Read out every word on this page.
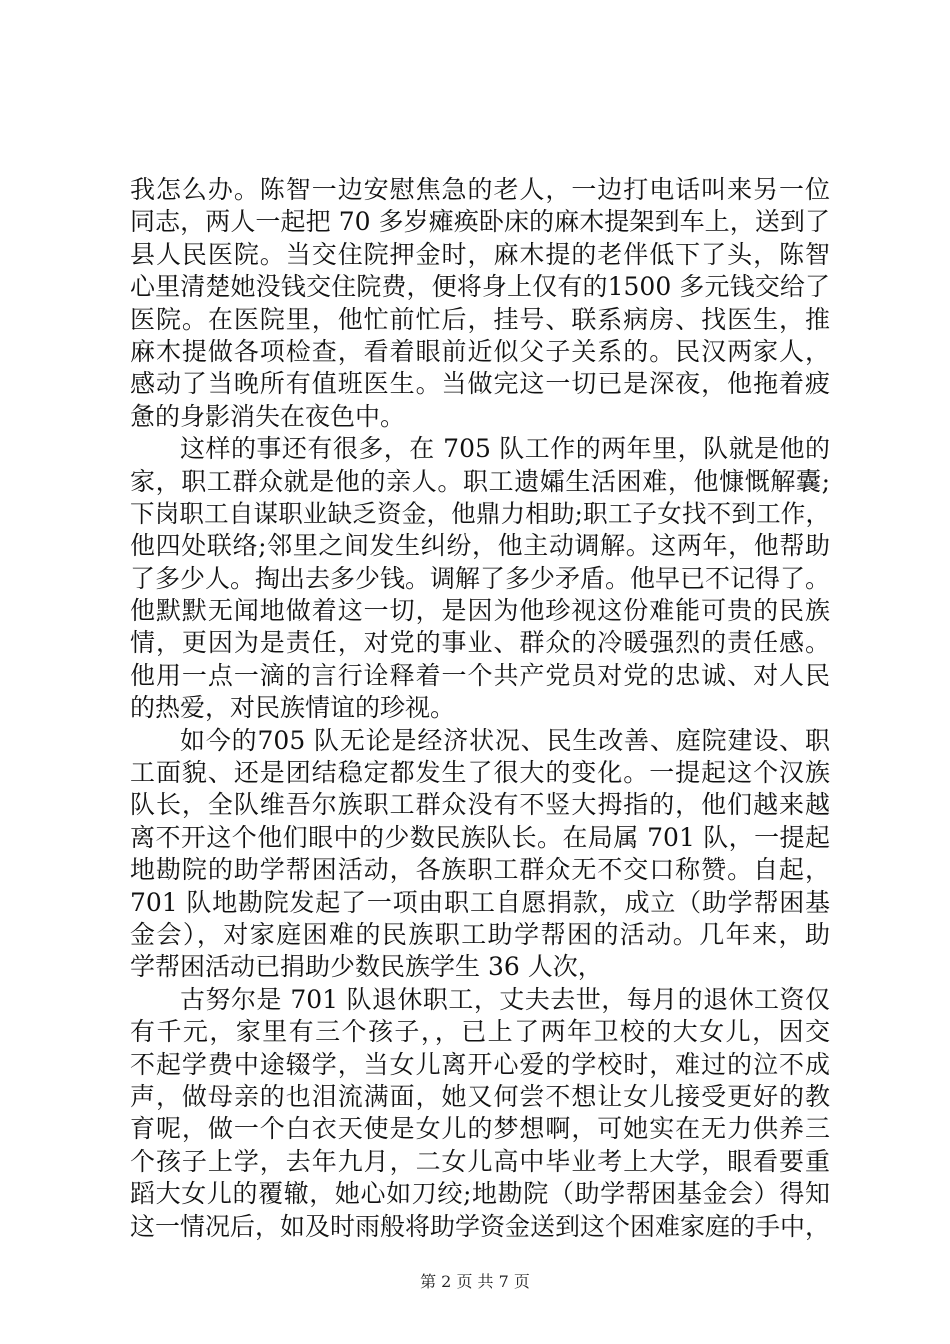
我怎么办。陈智一边安慰焦急的老人，一边打电话叫来另一位
同志，两人一起把 70 多岁瘫痪卧床的麻木提架到车上，送到了
县人民医院。当交住院押金时，麻木提的老伴低下了头，陈智
心里清楚她没钱交住院费，便将身上仅有的1500 多元钱交给了
医院。在医院里，他忙前忙后，挂号、联系病房、找医生，推
麻木提做各项检查，看着眼前近似父子关系的。民汉两家人，
感动了当晚所有值班医生。当做完这一切已是深夜，他拖着疲
惫的身影消失在夜色中。
这样的事还有很多，在 705 队工作的两年里，队就是他的
家，职工群众就是他的亲人。职工遗孀生活困难，他慷慨解囊;
下岗职工自谋职业缺乏资金，他鼎力相助;职工子女找不到工作，
他四处联络;邻里之间发生纠纷，他主动调解。这两年，他帮助
了多少人。掏出去多少钱。调解了多少矛盾。他早已不记得了。
他默默无闻地做着这一切，是因为他珍视这份难能可贵的民族
情，更因为是责任，对党的事业、群众的冷暖强烈的责任感。
他用一点一滴的言行诠释着一个共产党员对党的忠诚、对人民
的热爱，对民族情谊的珍视。
如今的705 队无论是经济状况、民生改善、庭院建设、职
工面貌、还是团结稳定都发生了很大的变化。一提起这个汉族
队长，全队维吾尔族职工群众没有不竖大拇指的，他们越来越
离不开这个他们眼中的少数民族队长。在局属 701 队，一提起
地勘院的助学帮困活动，各族职工群众无不交口称赞。自起，
701 队地勘院发起了一项由职工自愿捐款，成立（助学帮困基
金会），对家庭困难的民族职工助学帮困的活动。几年来，助
学帮困活动已捐助少数民族学生 36 人次，
古努尔是 701 队退休职工，丈夫去世，每月的退休工资仅
有千元，家里有三个孩子，，已上了两年卫校的大女儿，因交
不起学费中途辍学，当女儿离开心爱的学校时，难过的泣不成
声，做母亲的也泪流满面，她又何尝不想让女儿接受更好的教
育呢，做一个白衣天使是女儿的梦想啊，可她实在无力供养三
个孩子上学，去年九月，二女儿高中毕业考上大学，眼看要重
蹈大女儿的覆辙，她心如刀绞;地勘院（助学帮困基金会）得知
这一情况后，如及时雨般将助学资金送到这个困难家庭的手中，
第 2 页 共 7 页
